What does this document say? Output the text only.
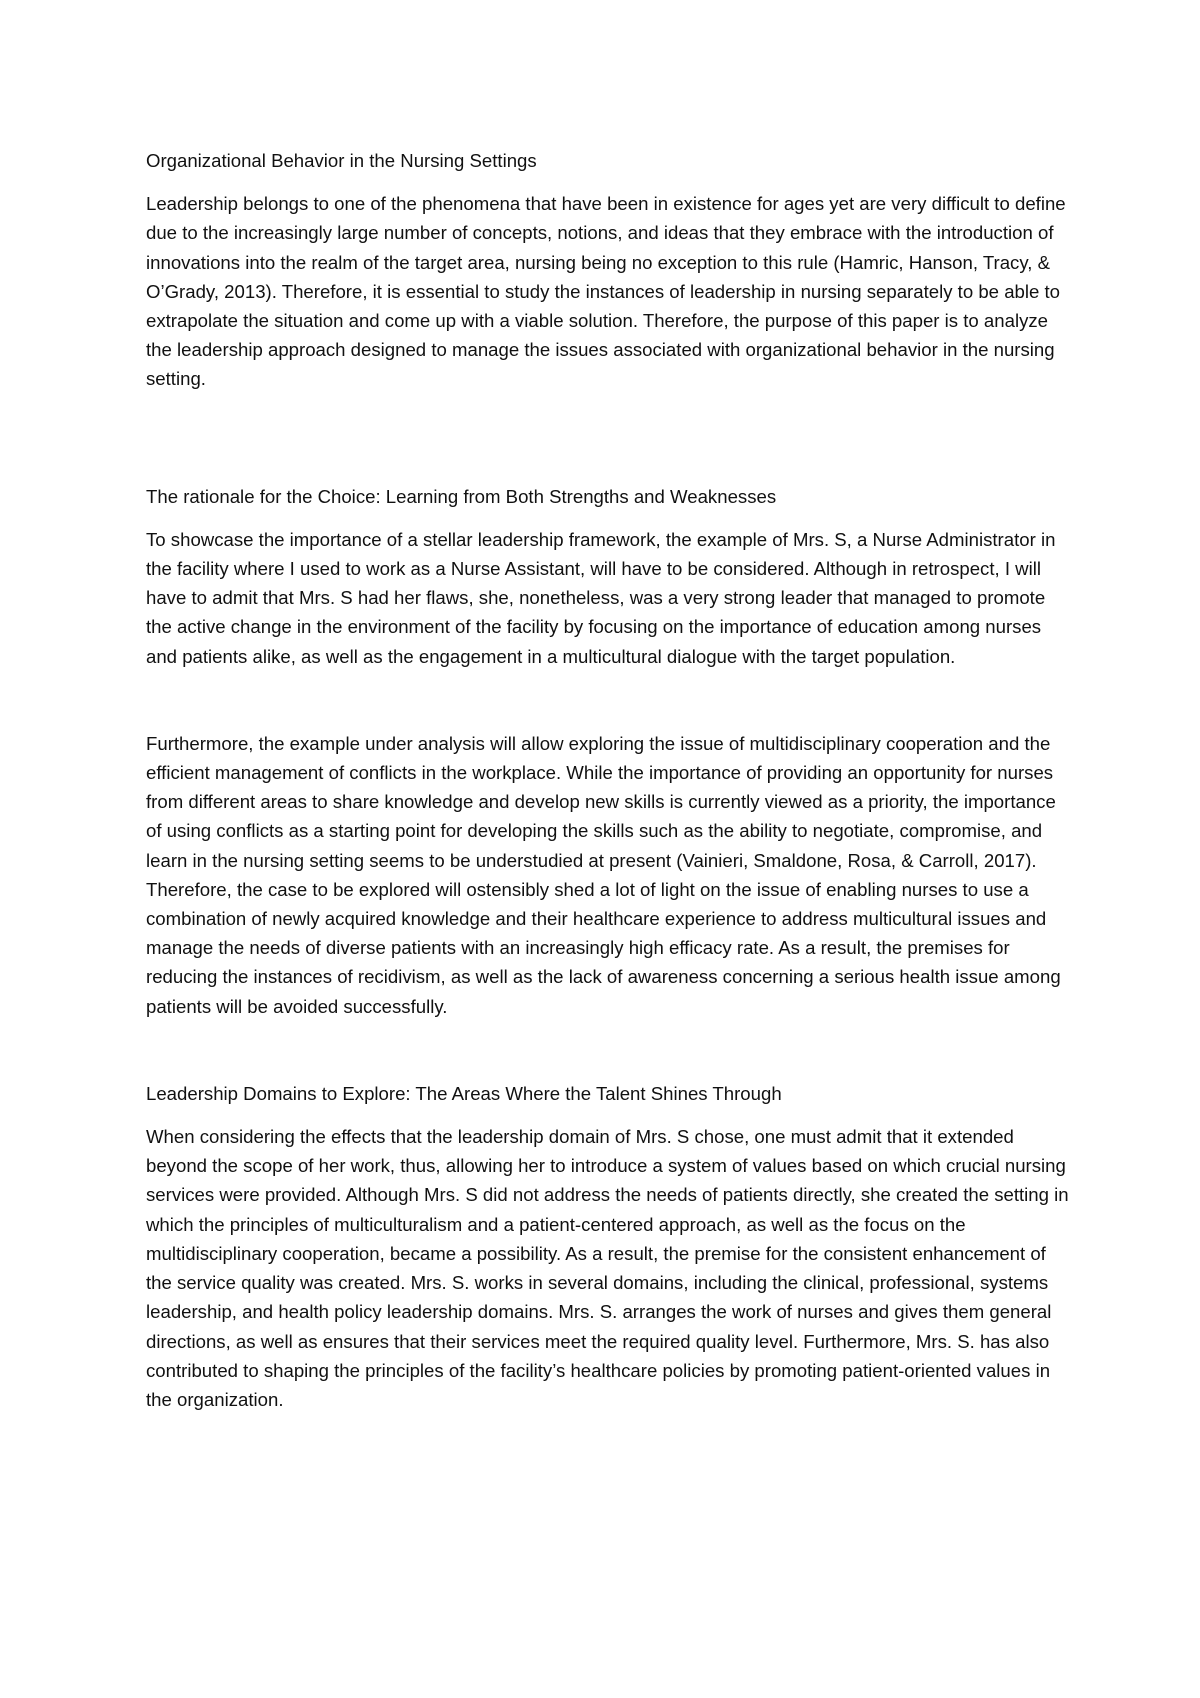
Organizational Behavior in the Nursing Settings

Leadership belongs to one of the phenomena that have been in existence for ages yet are very difficult to define due to the increasingly large number of concepts, notions, and ideas that they embrace with the introduction of innovations into the realm of the target area, nursing being no exception to this rule (Hamric, Hanson, Tracy, & O’Grady, 2013). Therefore, it is essential to study the instances of leadership in nursing separately to be able to extrapolate the situation and come up with a viable solution. Therefore, the purpose of this paper is to analyze the leadership approach designed to manage the issues associated with organizational behavior in the nursing setting.

The rationale for the Choice: Learning from Both Strengths and Weaknesses

To showcase the importance of a stellar leadership framework, the example of Mrs. S, a Nurse Administrator in the facility where I used to work as a Nurse Assistant, will have to be considered. Although in retrospect, I will have to admit that Mrs. S had her flaws, she, nonetheless, was a very strong leader that managed to promote the active change in the environment of the facility by focusing on the importance of education among nurses and patients alike, as well as the engagement in a multicultural dialogue with the target population.

Furthermore, the example under analysis will allow exploring the issue of multidisciplinary cooperation and the efficient management of conflicts in the workplace. While the importance of providing an opportunity for nurses from different areas to share knowledge and develop new skills is currently viewed as a priority, the importance of using conflicts as a starting point for developing the skills such as the ability to negotiate, compromise, and learn in the nursing setting seems to be understudied at present (Vainieri, Smaldone, Rosa, & Carroll, 2017). Therefore, the case to be explored will ostensibly shed a lot of light on the issue of enabling nurses to use a combination of newly acquired knowledge and their healthcare experience to address multicultural issues and manage the needs of diverse patients with an increasingly high efficacy rate. As a result, the premises for reducing the instances of recidivism, as well as the lack of awareness concerning a serious health issue among patients will be avoided successfully.

Leadership Domains to Explore: The Areas Where the Talent Shines Through

When considering the effects that the leadership domain of Mrs. S chose, one must admit that it extended beyond the scope of her work, thus, allowing her to introduce a system of values based on which crucial nursing services were provided. Although Mrs. S did not address the needs of patients directly, she created the setting in which the principles of multiculturalism and a patient-centered approach, as well as the focus on the multidisciplinary cooperation, became a possibility. As a result, the premise for the consistent enhancement of the service quality was created. Mrs. S. works in several domains, including the clinical, professional, systems leadership, and health policy leadership domains. Mrs. S. arranges the work of nurses and gives them general directions, as well as ensures that their services meet the required quality level. Furthermore, Mrs. S. has also contributed to shaping the principles of the facility’s healthcare policies by promoting patient-oriented values in the organization.
